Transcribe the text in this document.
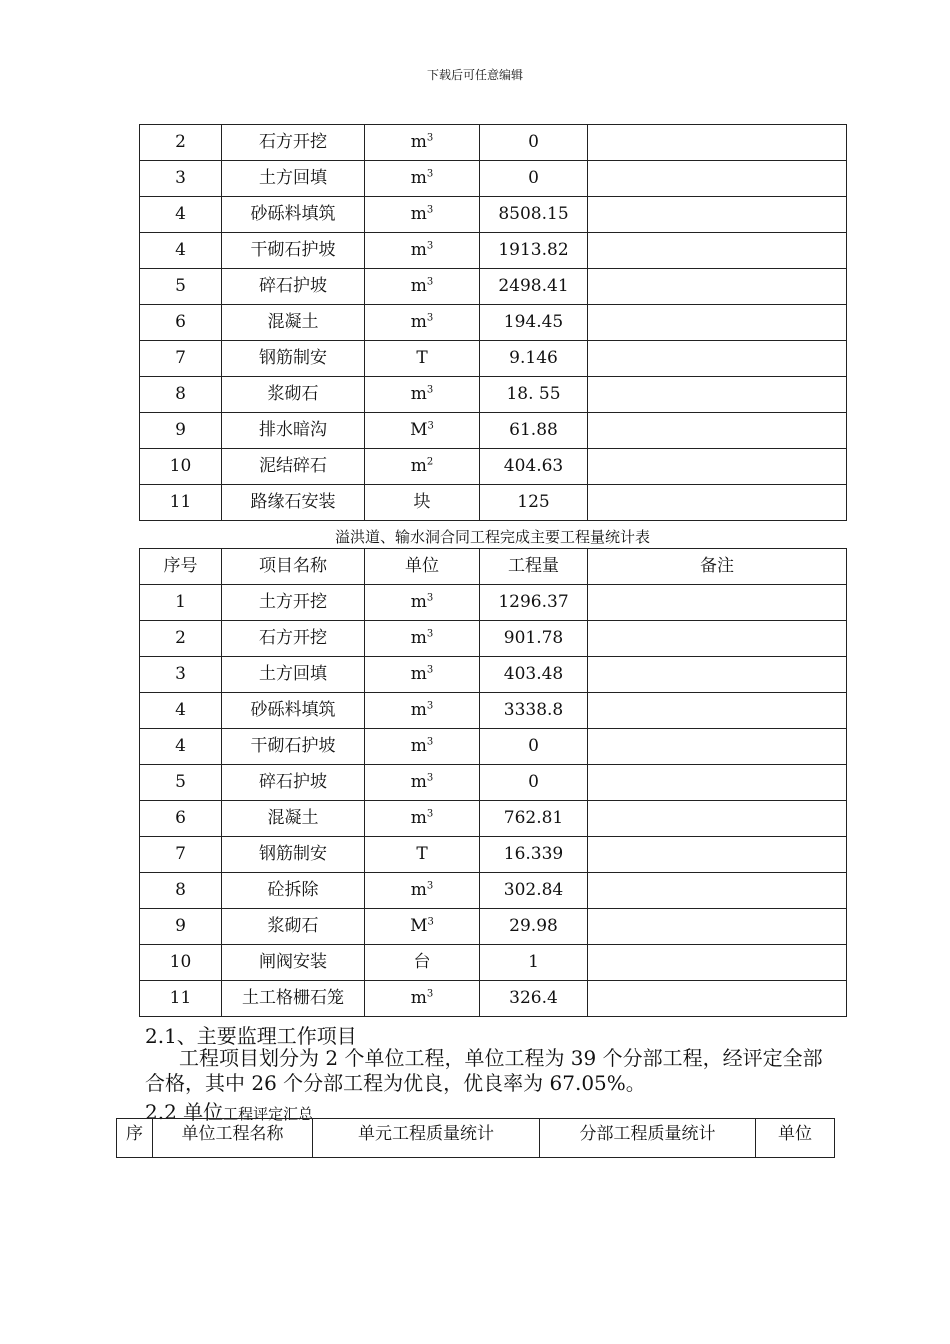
下载后可任意编辑
2	石方开挖	$m^3$	0	
3	土方回填	$m^3$	0	
4	砂砾料填筑	$m^3$	8508.15	
4	干砌石护坡	$m^3$	1913.82	
5	碎石护坡	$m^3$	2498.41	
6	混凝土	$m^3$	194.45	
7	钢筋制安	T	9.146	
8	浆砌石	$m^3$	18. 55	
9	排水暗沟	$M^3$	61.88	
10	泥结碎石	$m^2$	404.63	
11	路缘石安装	块	125	
溢洪道、输水洞合同工程完成主要工程量统计表
序号	项目名称	单位	工程量	备注
1	土方开挖	$m^3$	1296.37	
2	石方开挖	$m^3$	901.78	
3	土方回填	$m^3$	403.48	
4	砂砾料填筑	$m^3$	3338.8	
4	干砌石护坡	$m^3$	0	
5	碎石护坡	$m^3$	0	
6	混凝土	$m^3$	762.81	
7	钢筋制安	T	16.339	
8	砼拆除	$m^3$	302.84	
9	浆砌石	$M^3$	29.98	
10	闸阀安装	台	1	
11	土工格栅石笼	$m^3$	326.4	
2.1、主要监理工作项目
工程项目划分为 2 个单位工程，单位工程为 39 个分部工程，经评定全部合格，其中 26 个分部工程为优良，优良率为 67.05%。
2.2 单位工程评定汇总
序	单位工程名称	单元工程质量统计	分部工程质量统计	单位
